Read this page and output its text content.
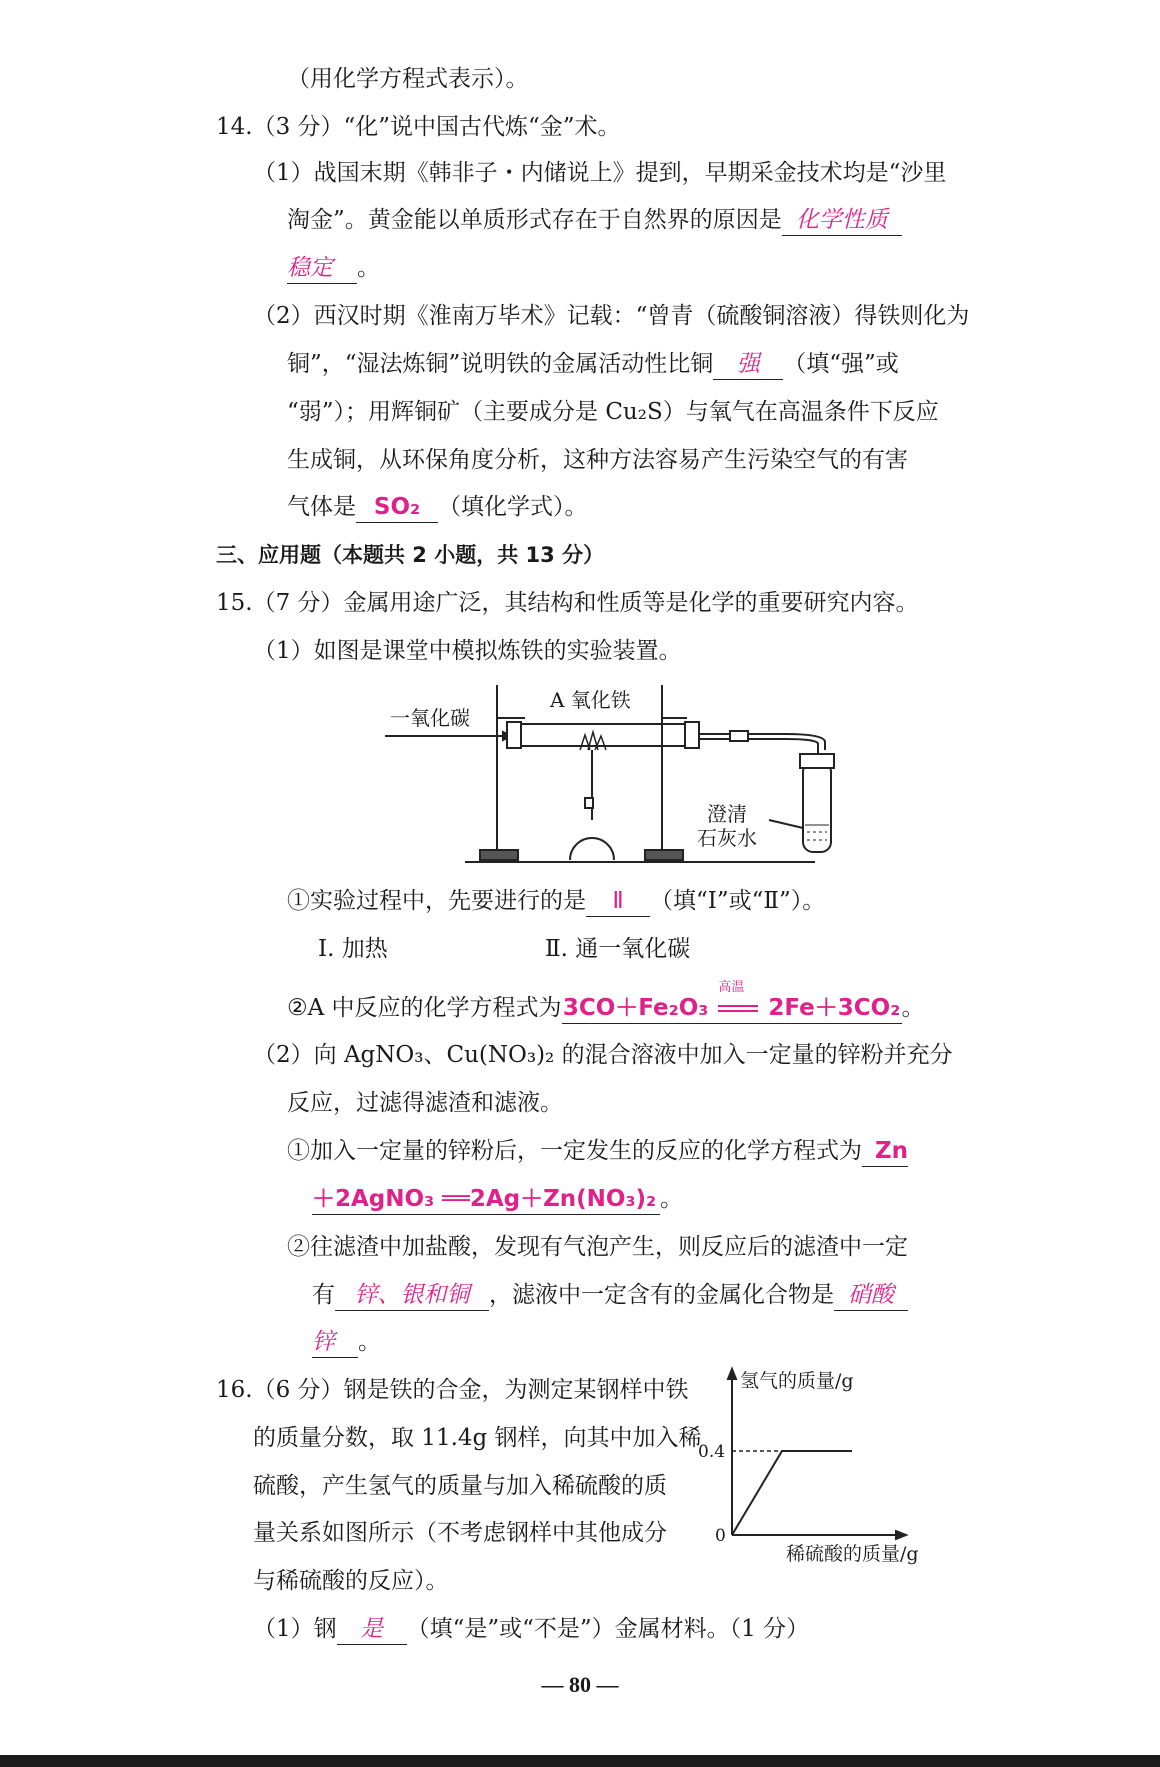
（用化学方程式表示）。
14.（3 分）“化”说中国古代炼“金”术。
（1）战国末期《韩非子・内储说上》提到，早期采金技术均是“沙里
淘金”。黄金能以单质形式存在于自然界的原因是 化学性质
稳定 。
（2）西汉时期《淮南万毕术》记载：“曾青（硫酸铜溶液）得铁则化为
铜”，“湿法炼铜”说明铁的金属活动性比铜 强 （填“强”或
“弱”）；用辉铜矿（主要成分是 Cu₂S）与氧气在高温条件下反应
生成铜，从环保角度分析，这种方法容易产生污染空气的有害
气体是 SO₂ （填化学式）。
三、应用题（本题共 2 小题，共 13 分）
15.（7 分）金属用途广泛，其结构和性质等是化学的重要研究内容。
（1）如图是课堂中模拟炼铁的实验装置。
一氧化碳
A 氧化铁
澄清
石灰水
①实验过程中，先要进行的是 Ⅱ （填“Ⅰ”或“Ⅱ”）。
Ⅰ. 加热	Ⅱ. 通一氧化碳
②A 中反应的化学方程式为3CO＋Fe₂O₃
高温
2Fe＋3CO₂。
（2）向 AgNO₃、Cu(NO₃)₂ 的混合溶液中加入一定量的锌粉并充分
反应，过滤得滤渣和滤液。
①加入一定量的锌粉后，一定发生的反应的化学方程式为 Zn
＋2AgNO₃ ══2Ag＋Zn(NO₃)₂ 。
②往滤渣中加盐酸，发现有气泡产生，则反应后的滤渣中一定
有 锌、银和铜 ，滤液中一定含有的金属化合物是 硝酸
锌 。
16.（6 分）钢是铁的合金，为测定某钢样中铁
的质量分数，取 11.4g 钢样，向其中加入稀
硫酸，产生氢气的质量与加入稀硫酸的质
量关系如图所示（不考虑钢样中其他成分
与稀硫酸的反应）。
氢气的质量/g
稀硫酸的质量/g
0
0.4
（1）钢 是 （填“是”或“不是”）金属材料。（1 分）
— 80 —
